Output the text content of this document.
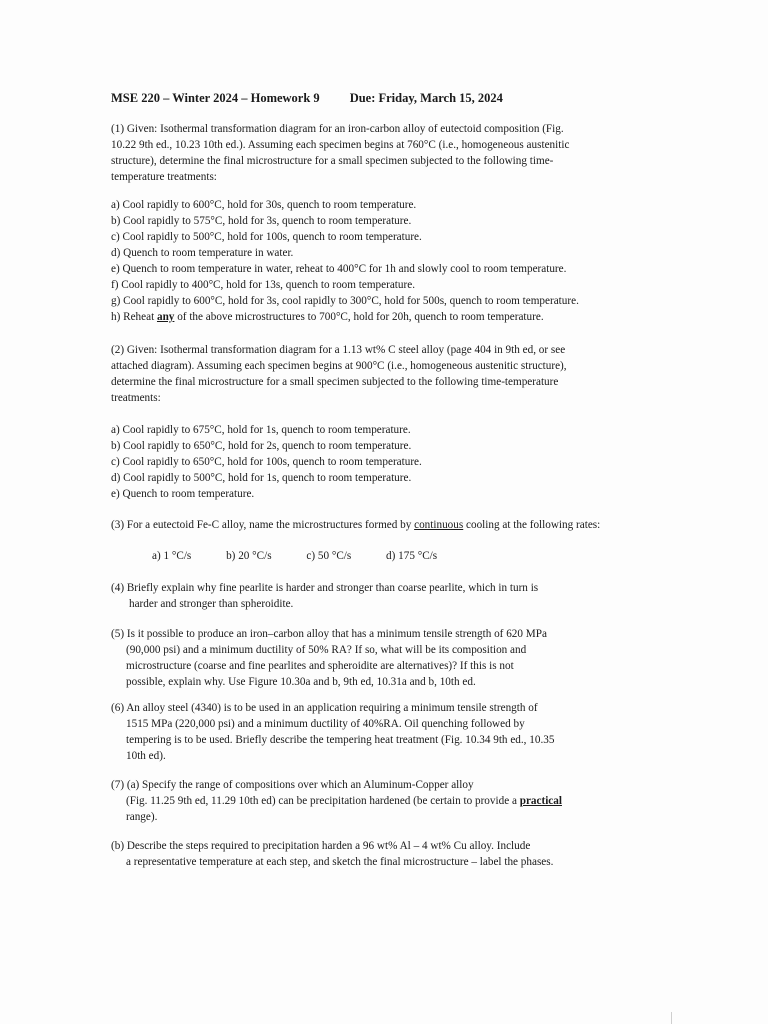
MSE 220 – Winter 2024 – Homework 9 Due: Friday, March 15, 2024
(1) Given: Isothermal transformation diagram for an iron-carbon alloy of eutectoid composition (Fig.
10.22 9th ed., 10.23 10th ed.). Assuming each specimen begins at 760°C (i.e., homogeneous austenitic
structure), determine the final microstructure for a small specimen subjected to the following time-
temperature treatments:
a) Cool rapidly to 600°C, hold for 30s, quench to room temperature.
b) Cool rapidly to 575°C, hold for 3s, quench to room temperature.
c) Cool rapidly to 500°C, hold for 100s, quench to room temperature.
d) Quench to room temperature in water.
e) Quench to room temperature in water, reheat to 400°C for 1h and slowly cool to room temperature.
f) Cool rapidly to 400°C, hold for 13s, quench to room temperature.
g) Cool rapidly to 600°C, hold for 3s, cool rapidly to 300°C, hold for 500s, quench to room temperature.
h) Reheat any of the above microstructures to 700°C, hold for 20h, quench to room temperature.
(2) Given: Isothermal transformation diagram for a 1.13 wt% C steel alloy (page 404 in 9th ed, or see
attached diagram). Assuming each specimen begins at 900°C (i.e., homogeneous austenitic structure),
determine the final microstructure for a small specimen subjected to the following time-temperature
treatments:
a) Cool rapidly to 675°C, hold for 1s, quench to room temperature.
b) Cool rapidly to 650°C, hold for 2s, quench to room temperature.
c) Cool rapidly to 650°C, hold for 100s, quench to room temperature.
d) Cool rapidly to 500°C, hold for 1s, quench to room temperature.
e) Quench to room temperature.
(3) For a eutectoid Fe-C alloy, name the microstructures formed by continuous cooling at the following rates:
a) 1 °C/s	b) 20 °C/s	c) 50 °C/s	d) 175 °C/s
(4) Briefly explain why fine pearlite is harder and stronger than coarse pearlite, which in turn is
harder and stronger than spheroidite.
(5) Is it possible to produce an iron–carbon alloy that has a minimum tensile strength of 620 MPa
(90,000 psi) and a minimum ductility of 50% RA? If so, what will be its composition and
microstructure (coarse and fine pearlites and spheroidite are alternatives)? If this is not
possible, explain why. Use Figure 10.30a and b, 9th ed, 10.31a and b, 10th ed.
(6) An alloy steel (4340) is to be used in an application requiring a minimum tensile strength of
1515 MPa (220,000 psi) and a minimum ductility of 40%RA. Oil quenching followed by
tempering is to be used. Briefly describe the tempering heat treatment (Fig. 10.34 9th ed., 10.35
10th ed).
(7) (a) Specify the range of compositions over which an Aluminum-Copper alloy
(Fig. 11.25 9th ed, 11.29 10th ed) can be precipitation hardened (be certain to provide a practical
range).
(b) Describe the steps required to precipitation harden a 96 wt% Al – 4 wt% Cu alloy. Include
a representative temperature at each step, and sketch the final microstructure – label the phases.
